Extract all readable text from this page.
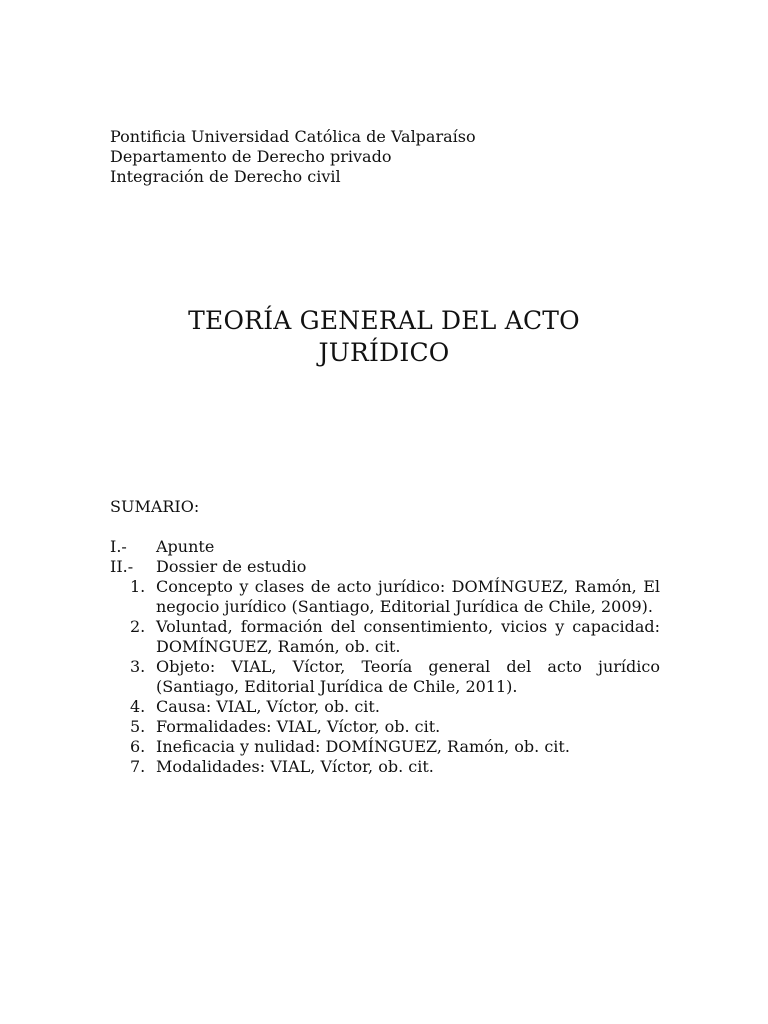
Pontificia Universidad Católica de Valparaíso
Departamento de Derecho privado
Integración de Derecho civil
TEORÍA GENERAL DEL ACTO
JURÍDICO
SUMARIO:
I.-	Apunte
II.-	Dossier de estudio
1. Concepto y clases de acto jurídico: DOMÍNGUEZ, Ramón, El negocio jurídico (Santiago, Editorial Jurídica de Chile, 2009).
2. Voluntad, formación del consentimiento, vicios y capacidad: DOMÍNGUEZ, Ramón, ob. cit.
3. Objeto: VIAL, Víctor, Teoría general del acto jurídico (Santiago, Editorial Jurídica de Chile, 2011).
4. Causa: VIAL, Víctor, ob. cit.
5. Formalidades: VIAL, Víctor, ob. cit.
6. Ineficacia y nulidad: DOMÍNGUEZ, Ramón, ob. cit.
7. Modalidades: VIAL, Víctor, ob. cit.
